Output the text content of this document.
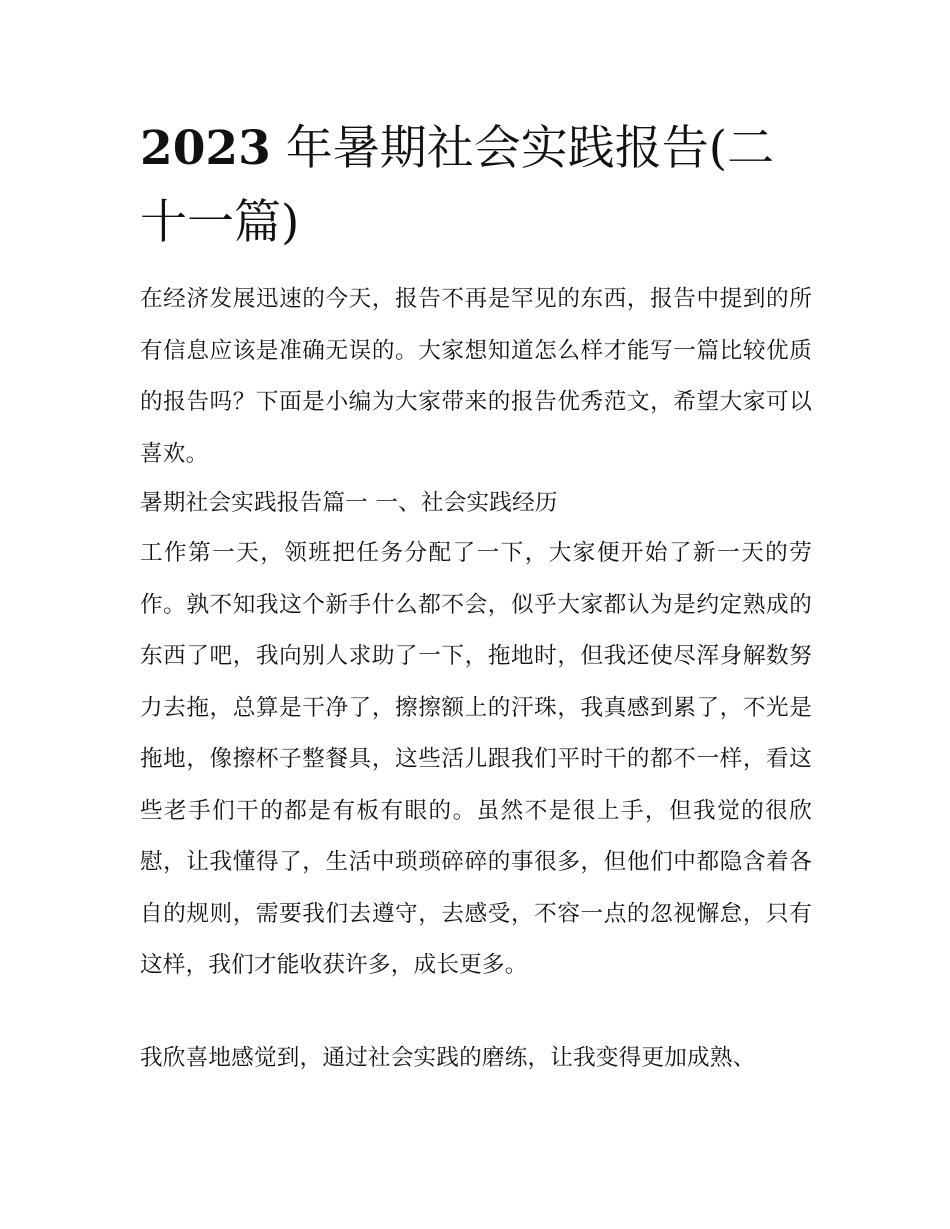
2023 年暑期社会实践报告(二十一篇)

在经济发展迅速的今天，报告不再是罕见的东西，报告中提到的所有信息应该是准确无误的。大家想知道怎么样才能写一篇比较优质的报告吗？下面是小编为大家带来的报告优秀范文，希望大家可以喜欢。

暑期社会实践报告篇一 一、社会实践经历

工作第一天，领班把任务分配了一下，大家便开始了新一天的劳作。孰不知我这个新手什么都不会，似乎大家都认为是约定熟成的东西了吧，我向别人求助了一下，拖地时，但我还使尽浑身解数努力去拖，总算是干净了，擦擦额上的汗珠，我真感到累了，不光是拖地，像擦杯子整餐具，这些活儿跟我们平时干的都不一样，看这些老手们干的都是有板有眼的。虽然不是很上手，但我觉的很欣慰，让我懂得了，生活中琐琐碎碎的事很多，但他们中都隐含着各自的规则，需要我们去遵守，去感受，不容一点的忽视懈怠，只有这样，我们才能收获许多，成长更多。

我欣喜地感觉到，通过社会实践的磨练，让我变得更加成熟、
